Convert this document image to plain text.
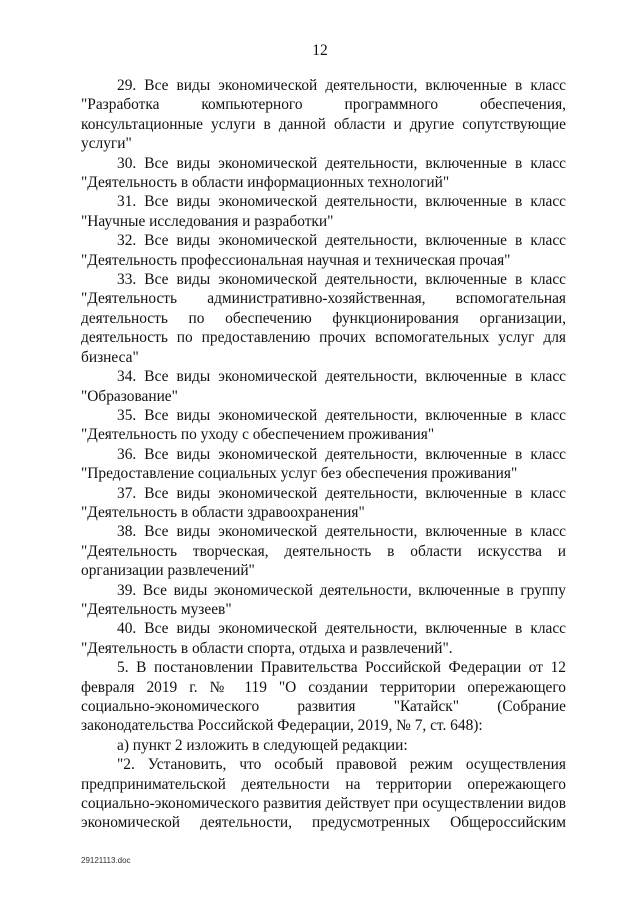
12

29. Все виды экономической деятельности, включенные в класс

"Разработка компьютерного программного обеспечения, консультационные услуги в данной области и другие сопутствующие услуги"

30. Все виды экономической деятельности, включенные в класс

"Деятельность в области информационных технологий"

31. Все виды экономической деятельности, включенные в класс

"Научные исследования и разработки"

32. Все виды экономической деятельности, включенные в класс

"Деятельность профессиональная научная и техническая прочая"

33. Все виды экономической деятельности, включенные в класс

"Деятельность административно-хозяйственная, вспомогательная деятельность по обеспечению функционирования организации, деятельность по предоставлению прочих вспомогательных услуг для бизнеса"

34. Все виды экономической деятельности, включенные в класс

"Образование"

35. Все виды экономической деятельности, включенные в класс

"Деятельность по уходу с обеспечением проживания"

36. Все виды экономической деятельности, включенные в класс

"Предоставление социальных услуг без обеспечения проживания"

37. Все виды экономической деятельности, включенные в класс

"Деятельность в области здравоохранения"

38. Все виды экономической деятельности, включенные в класс

"Деятельность творческая, деятельность в области искусства и организации развлечений"

39. Все виды экономической деятельности, включенные в группу

"Деятельность музеев"

40. Все виды экономической деятельности, включенные в класс

"Деятельность в области спорта, отдыха и развлечений".

5. В постановлении Правительства Российской Федерации от 12 февраля 2019 г. № 119 "О создании территории опережающего социально-экономического развития "Катайск" (Собрание законодательства Российской Федерации, 2019, № 7, ст. 648):

а) пункт 2 изложить в следующей редакции:

"2. Установить, что особый правовой режим осуществления предпринимательской деятельности на территории опережающего социально-экономического развития действует при осуществлении видов экономической деятельности, предусмотренных Общероссийским

29121113.doc
